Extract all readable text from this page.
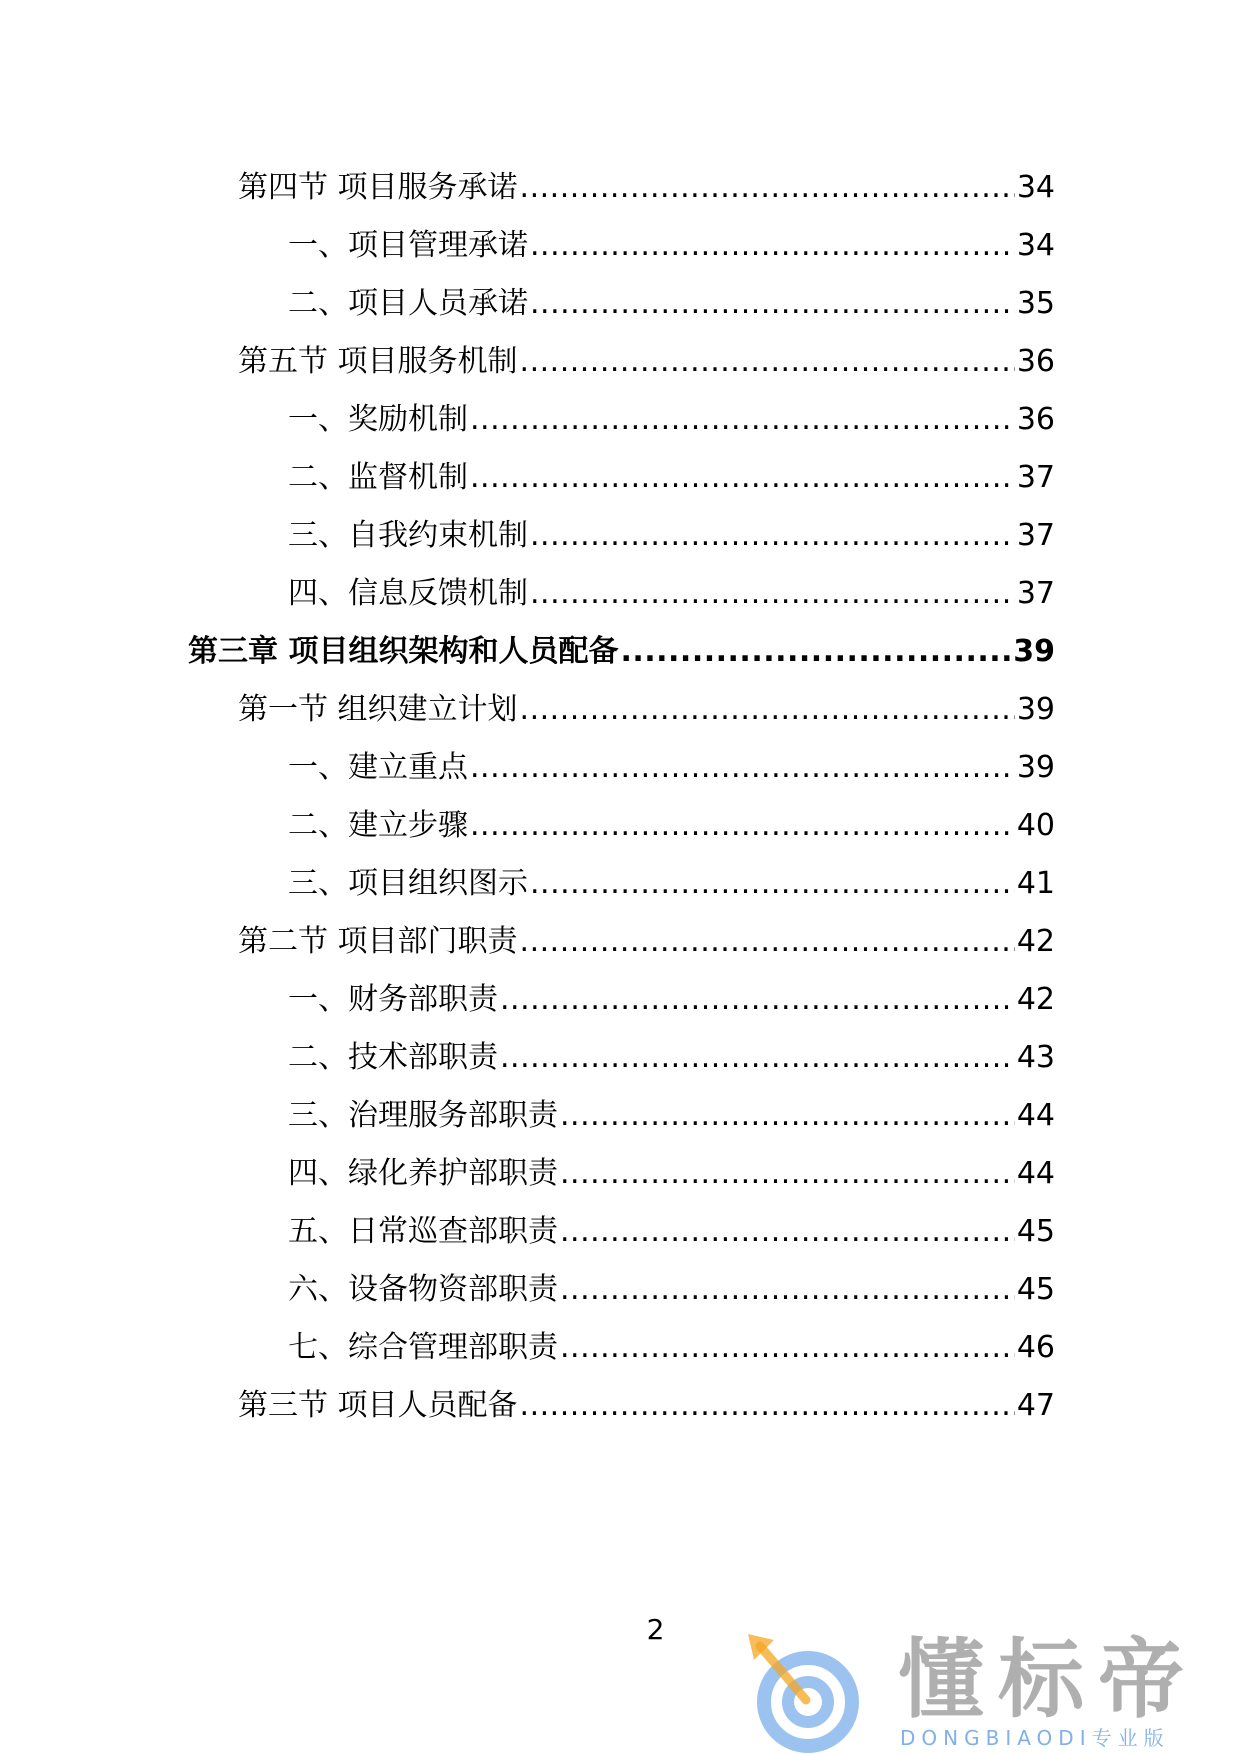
第四节 项目服务承诺 .....	34
一、项目管理承诺 .....	34
二、项目人员承诺 .....	35
第五节 项目服务机制 .....	36
一、奖励机制 .....	36
二、监督机制 .....	37
三、自我约束机制 .....	37
四、信息反馈机制 .....	37
第三章 项目组织架构和人员配备 .....	39
第一节 组织建立计划 .....	39
一、建立重点 .....	39
二、建立步骤 .....	40
三、项目组织图示 .....	41
第二节 项目部门职责 .....	42
一、财务部职责 .....	42
二、技术部职责 .....	43
三、治理服务部职责 .....	44
四、绿化养护部职责 .....	44
五、日常巡查部职责 .....	45
六、设备物资部职责 .....	45
七、综合管理部职责 .....	46
第三节 项目人员配备 .....	47
2
懂标帝
DONGBIAODI专业版
